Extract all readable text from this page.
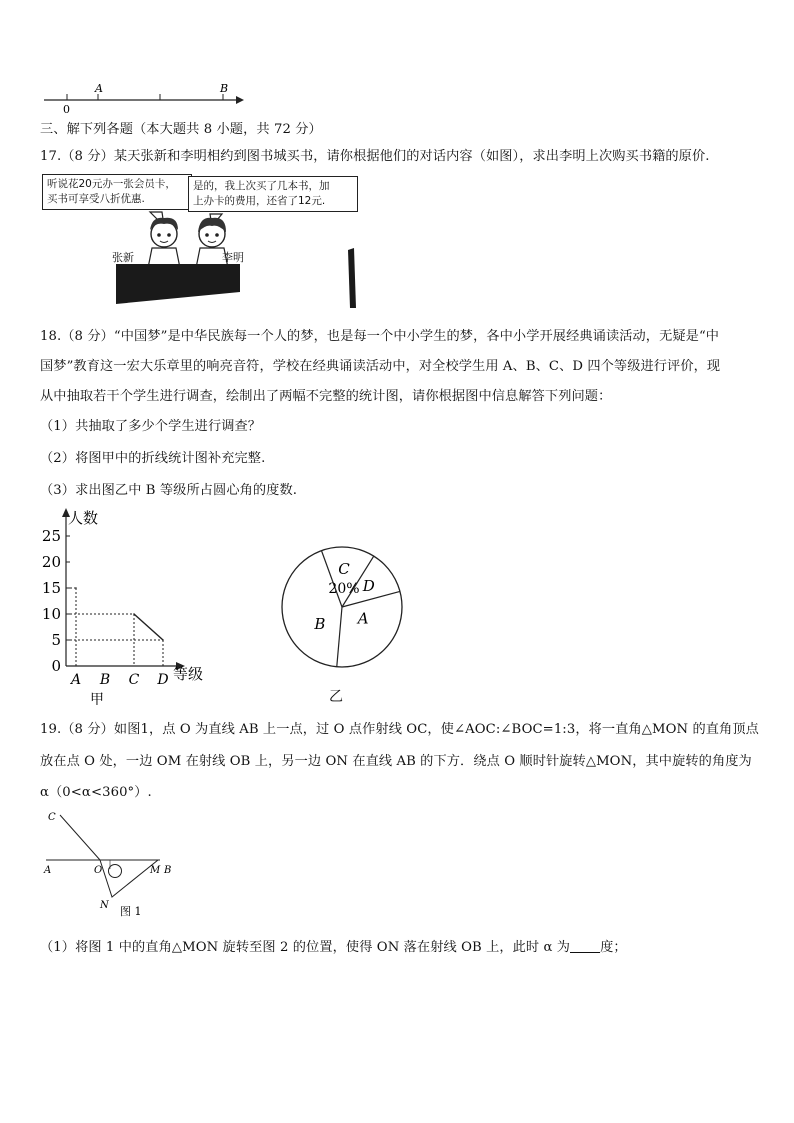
A	B
0
三、解下列各题（本大题共 8 小题，共 72 分）
17.（8 分）某天张新和李明相约到图书城买书，请你根据他们的对话内容（如图），求出李明上次购买书籍的原价.
听说花20元办一张会员卡，
买书可享受八折优惠.
是的，我上次买了几本书，加
上办卡的费用，还省了12元.
张新	李明
18.（8 分）“中国梦”是中华民族每一个人的梦，也是每一个中小学生的梦，各中小学开展经典诵读活动，无疑是“中
国梦”教育这一宏大乐章里的响亮音符，学校在经典诵读活动中，对全校学生用 A、B、C、D 四个等级进行评价，现
从中抽取若干个学生进行调查，绘制出了两幅不完整的统计图，请你根据图中信息解答下列问题：
（1）共抽取了多少个学生进行调查？
（2）将图甲中的折线统计图补充完整.
（3）求出图乙中 B 等级所占圆心角的度数.
0
5
10
15
20
25
人数
A B C D 等级
甲
A
B
C
20% D
乙
19.（8 分）如图1，点 O 为直线 AB 上一点，过 O 点作射线 OC，使∠AOC:∠BOC=1:3，将一直角△MON 的直角顶点
放在点 O 处，一边 OM 在射线 OB 上，另一边 ON 在直线 AB 的下方．绕点 O 顺时针旋转△MON，其中旋转的角度为
α（0<α<360°）.
C
A	O	M B
N 图 1
（1）将图 1 中的直角△MON 旋转至图 2 的位置，使得 ON 落在射线 OB 上，此时 α 为 度；
